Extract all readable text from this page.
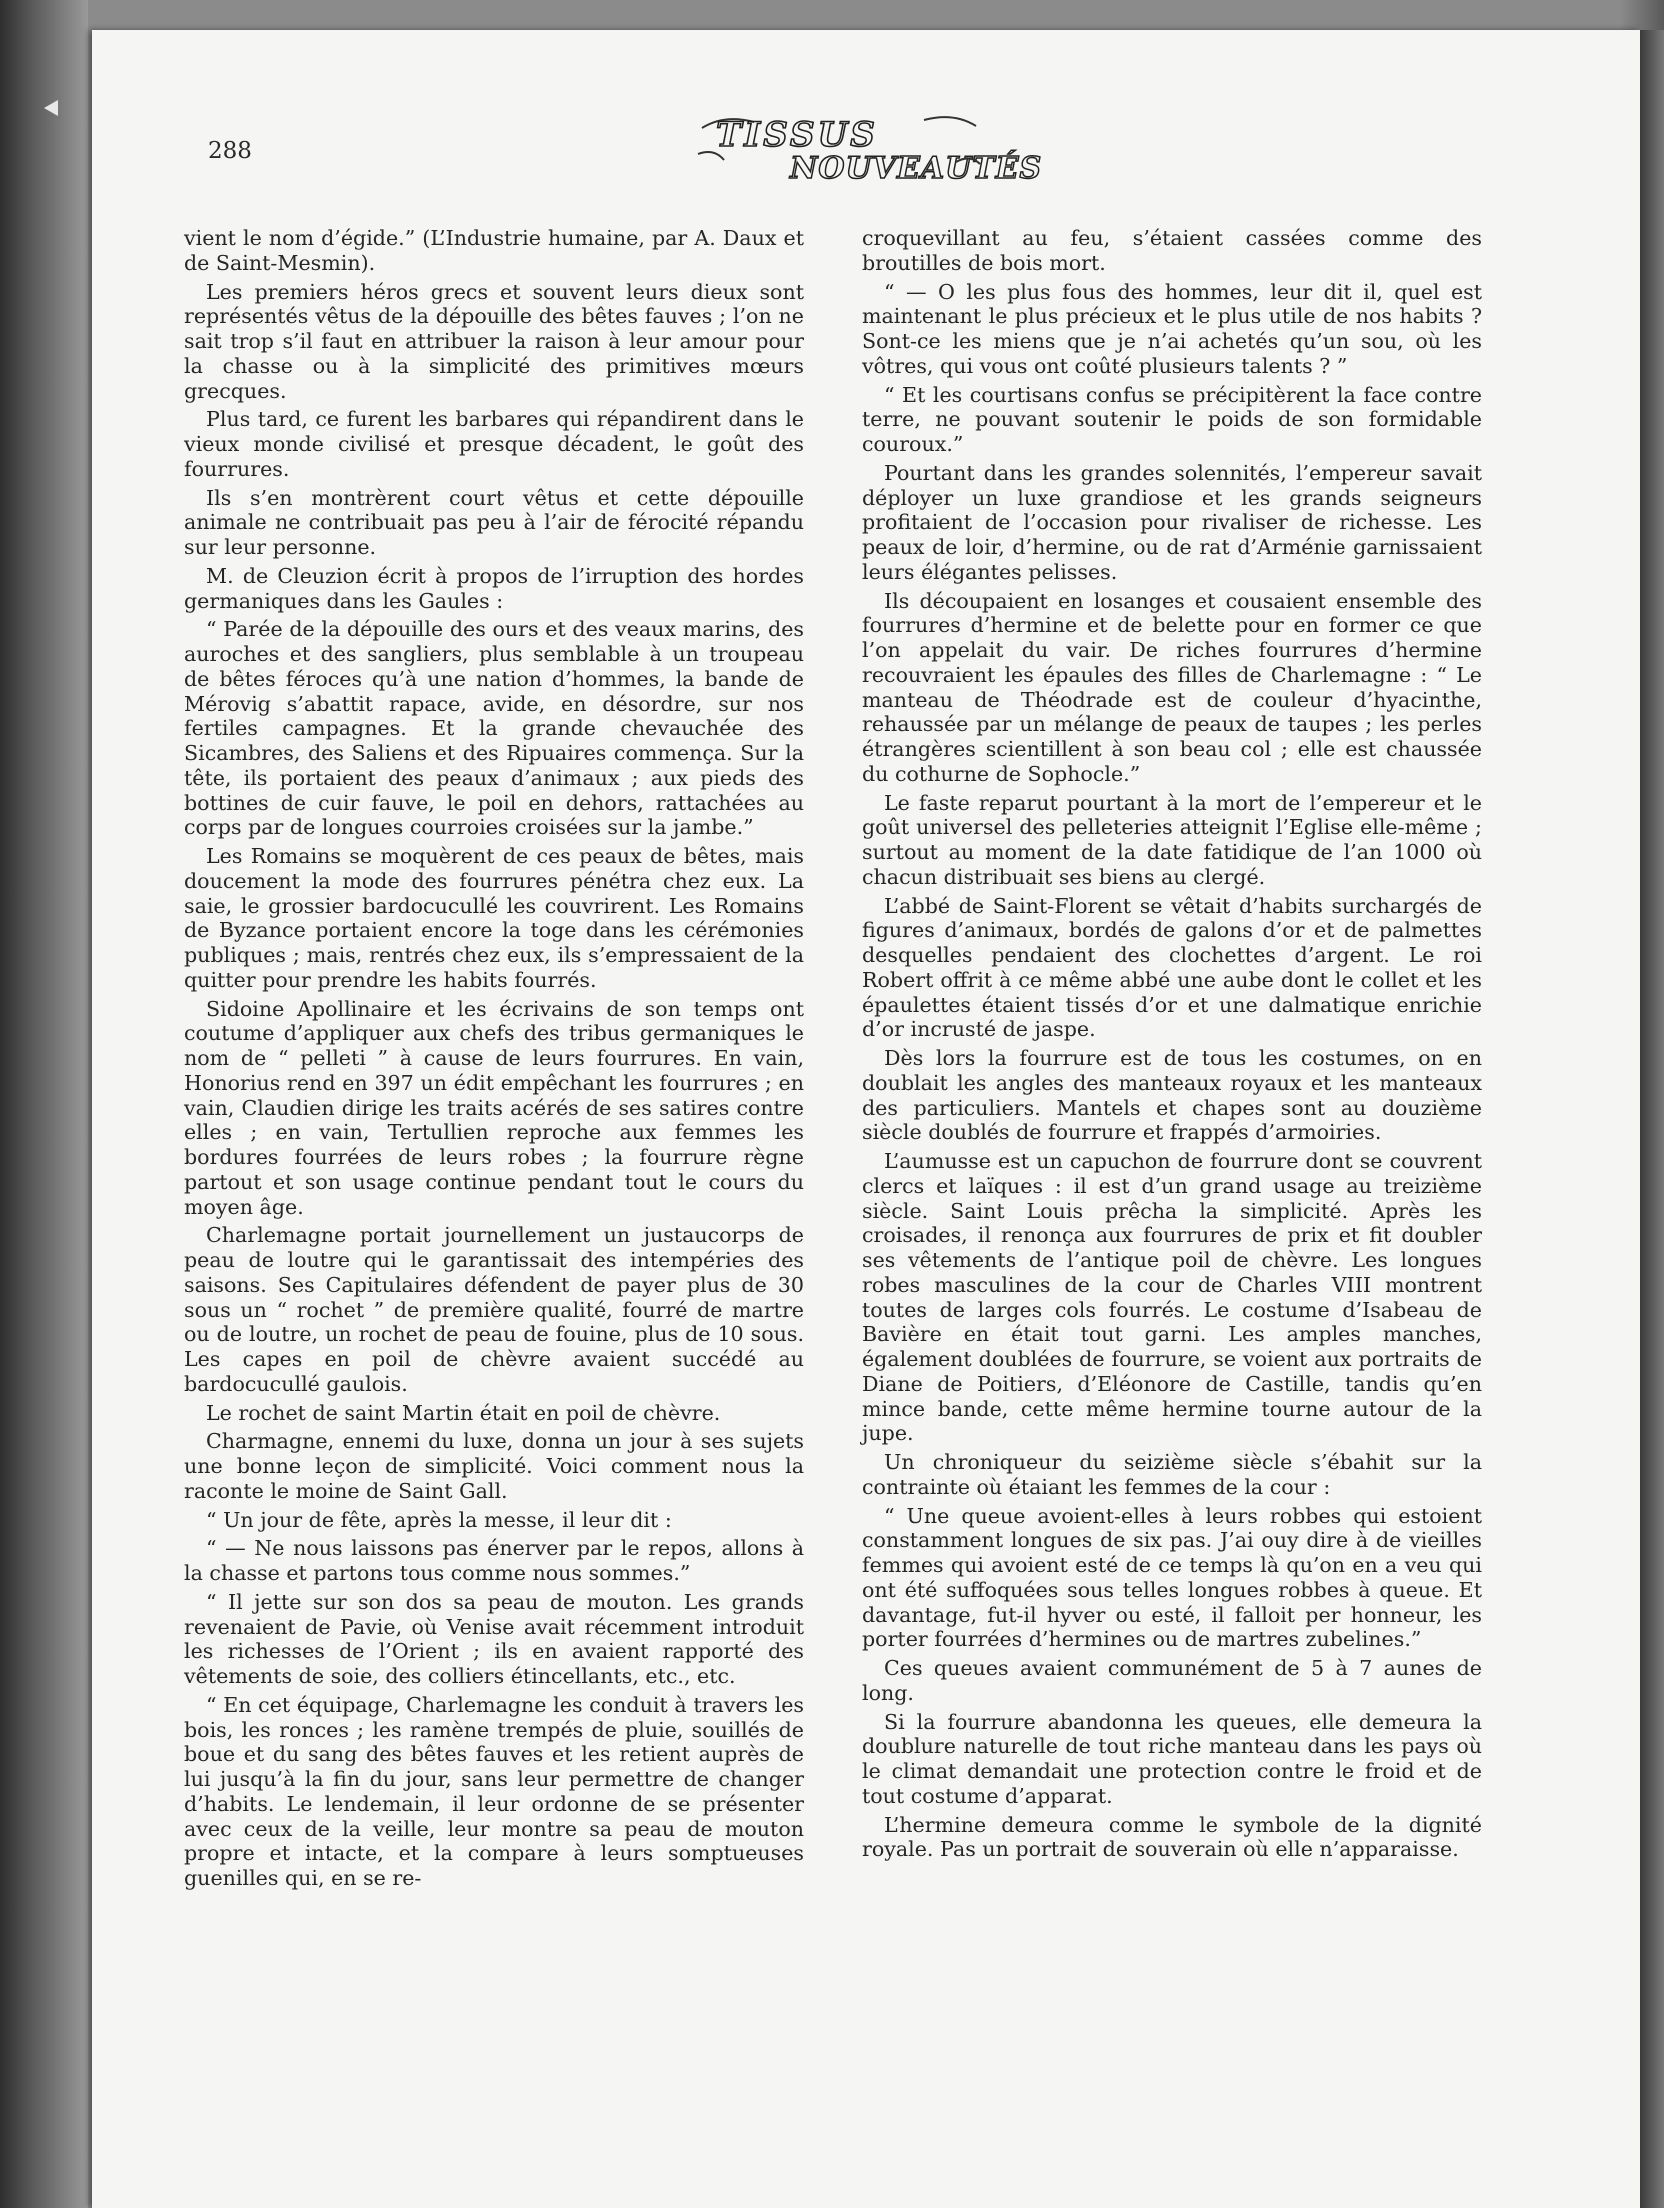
288	TISSUS
NOUVEAUTÉS

vient le nom d’égide.” (L’Industrie humaine, par A. Daux et de Saint-Mesmin).

Les premiers héros grecs et souvent leurs dieux sont représentés vêtus de la dépouille des bêtes fauves ; l’on ne sait trop s’il faut en attribuer la raison à leur amour pour la chasse ou à la simplicité des primitives mœurs grecques.

Plus tard, ce furent les barbares qui répandirent dans le vieux monde civilisé et presque décadent, le goût des fourrures.

Ils s’en montrèrent court vêtus et cette dépouille animale ne contribuait pas peu à l’air de férocité répandu sur leur personne.

M. de Cleuzion écrit à propos de l’irruption des hordes germaniques dans les Gaules :

“ Parée de la dépouille des ours et des veaux marins, des auroches et des sangliers, plus semblable à un troupeau de bêtes féroces qu’à une nation d’hommes, la bande de Mérovig s’abattit rapace, avide, en désordre, sur nos fertiles campagnes. Et la grande chevauchée des Sicambres, des Saliens et des Ripuaires commença. Sur la tête, ils portaient des peaux d’animaux ; aux pieds des bottines de cuir fauve, le poil en dehors, rattachées au corps par de longues courroies croisées sur la jambe.”

Les Romains se moquèrent de ces peaux de bêtes, mais doucement la mode des fourrures pénétra chez eux. La saie, le grossier bardocucullé les couvrirent. Les Romains de Byzance portaient encore la toge dans les cérémonies publiques ; mais, rentrés chez eux, ils s’empressaient de la quitter pour prendre les habits fourrés.

Sidoine Apollinaire et les écrivains de son temps ont coutume d’appliquer aux chefs des tribus germaniques le nom de “ pelleti ” à cause de leurs fourrures. En vain, Honorius rend en 397 un édit empêchant les fourrures ; en vain, Claudien dirige les traits acérés de ses satires contre elles ; en vain, Tertullien reproche aux femmes les bordures fourrées de leurs robes ; la fourrure règne partout et son usage continue pendant tout le cours du moyen âge.

Charlemagne portait journellement un justaucorps de peau de loutre qui le garantissait des intempéries des saisons. Ses Capitulaires défendent de payer plus de 30 sous un “ rochet ” de première qualité, fourré de martre ou de loutre, un rochet de peau de fouine, plus de 10 sous. Les capes en poil de chèvre avaient succédé au bardocucullé gaulois.

Le rochet de saint Martin était en poil de chèvre.

Charmagne, ennemi du luxe, donna un jour à ses sujets une bonne leçon de simplicité. Voici comment nous la raconte le moine de Saint Gall.

“ Un jour de fête, après la messe, il leur dit :

“ — Ne nous laissons pas énerver par le repos, allons à la chasse et partons tous comme nous sommes.”

“ Il jette sur son dos sa peau de mouton. Les grands revenaient de Pavie, où Venise avait récemment introduit les richesses de l’Orient ; ils en avaient rapporté des vêtements de soie, des colliers étincellants, etc., etc.

“ En cet équipage, Charlemagne les conduit à travers les bois, les ronces ; les ramène trempés de pluie, souillés de boue et du sang des bêtes fauves et les retient auprès de lui jusqu’à la fin du jour, sans leur permettre de changer d’habits. Le lendemain, il leur ordonne de se présenter avec ceux de la veille, leur montre sa peau de mouton propre et intacte, et la compare à leurs somptueuses guenilles qui, en se re-

croquevillant au feu, s’étaient cassées comme des broutilles de bois mort.

“ — O les plus fous des hommes, leur dit il, quel est maintenant le plus précieux et le plus utile de nos habits ? Sont-ce les miens que je n’ai achetés qu’un sou, où les vôtres, qui vous ont coûté plusieurs talents ? ”

“ Et les courtisans confus se précipitèrent la face contre terre, ne pouvant soutenir le poids de son formidable couroux.”

Pourtant dans les grandes solennités, l’empereur savait déployer un luxe grandiose et les grands seigneurs profitaient de l’occasion pour rivaliser de richesse. Les peaux de loir, d’hermine, ou de rat d’Arménie garnissaient leurs élégantes pelisses.

Ils découpaient en losanges et cousaient ensemble des fourrures d’hermine et de belette pour en former ce que l’on appelait du vair. De riches fourrures d’hermine recouvraient les épaules des filles de Charlemagne : “ Le manteau de Théodrade est de couleur d’hyacinthe, rehaussée par un mélange de peaux de taupes ; les perles étrangères scientillent à son beau col ; elle est chaussée du cothurne de Sophocle.”

Le faste reparut pourtant à la mort de l’empereur et le goût universel des pelleteries atteignit l’Eglise elle-même ; surtout au moment de la date fatidique de l’an 1000 où chacun distribuait ses biens au clergé.

L’abbé de Saint-Florent se vêtait d’habits surchargés de figures d’animaux, bordés de galons d’or et de palmettes desquelles pendaient des clochettes d’argent. Le roi Robert offrit à ce même abbé une aube dont le collet et les épaulettes étaient tissés d’or et une dalmatique enrichie d’or incrusté de jaspe.

Dès lors la fourrure est de tous les costumes, on en doublait les angles des manteaux royaux et les manteaux des particuliers. Mantels et chapes sont au douzième siècle doublés de fourrure et frappés d’armoiries.

L’aumusse est un capuchon de fourrure dont se couvrent clercs et laïques : il est d’un grand usage au treizième siècle. Saint Louis prêcha la simplicité. Après les croisades, il renonça aux fourrures de prix et fit doubler ses vêtements de l’antique poil de chèvre. Les longues robes masculines de la cour de Charles VIII montrent toutes de larges cols fourrés. Le costume d’Isabeau de Bavière en était tout garni. Les amples manches, également doublées de fourrure, se voient aux portraits de Diane de Poitiers, d’Eléonore de Castille, tandis qu’en mince bande, cette même hermine tourne autour de la jupe.

Un chroniqueur du seizième siècle s’ébahit sur la contrainte où étaiant les femmes de la cour :

“ Une queue avoient-elles à leurs robbes qui estoient constamment longues de six pas. J’ai ouy dire à de vieilles femmes qui avoient esté de ce temps là qu’on en a veu qui ont été suffoquées sous telles longues robbes à queue. Et davantage, fut-il hyver ou esté, il falloit per honneur, les porter fourrées d’hermines ou de martres zubelines.”

Ces queues avaient communément de 5 à 7 aunes de long.

Si la fourrure abandonna les queues, elle demeura la doublure naturelle de tout riche manteau dans les pays où le climat demandait une protection contre le froid et de tout costume d’apparat.

L’hermine demeura comme le symbole de la dignité royale. Pas un portrait de souverain où elle n’apparaisse.
